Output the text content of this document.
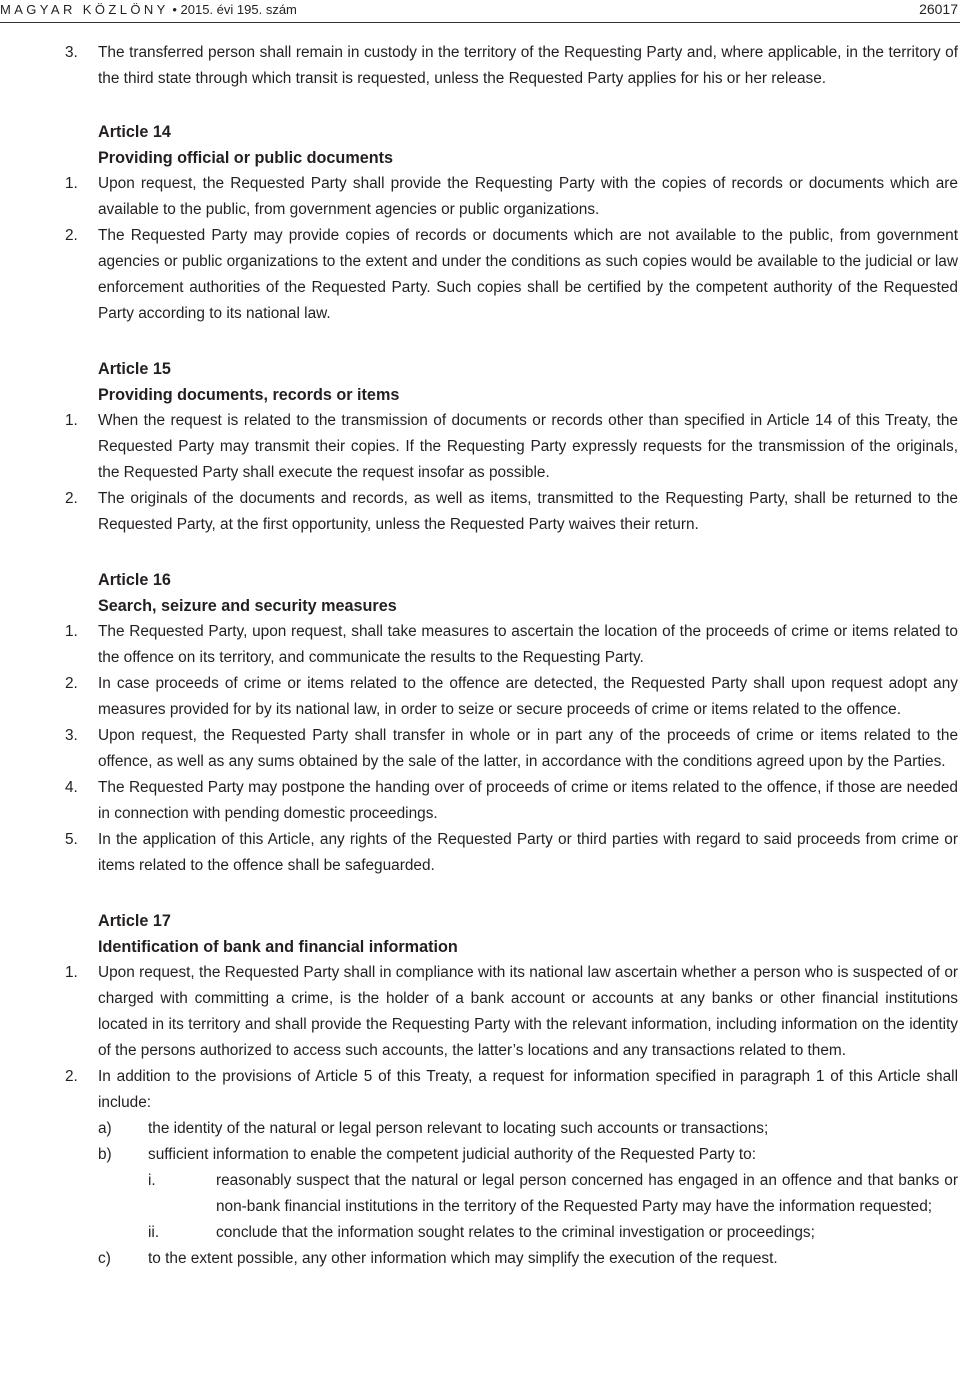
MAGYAR KÖZLÖNY • 2015. évi 195. szám	26017
3. The transferred person shall remain in custody in the territory of the Requesting Party and, where applicable, in the territory of the third state through which transit is requested, unless the Requested Party applies for his or her release.
Article 14
Providing official or public documents
1. Upon request, the Requested Party shall provide the Requesting Party with the copies of records or documents which are available to the public, from government agencies or public organizations.
2. The Requested Party may provide copies of records or documents which are not available to the public, from government agencies or public organizations to the extent and under the conditions as such copies would be available to the judicial or law enforcement authorities of the Requested Party. Such copies shall be certified by the competent authority of the Requested Party according to its national law.
Article 15
Providing documents, records or items
1. When the request is related to the transmission of documents or records other than specified in Article 14 of this Treaty, the Requested Party may transmit their copies. If the Requesting Party expressly requests for the transmission of the originals, the Requested Party shall execute the request insofar as possible.
2. The originals of the documents and records, as well as items, transmitted to the Requesting Party, shall be returned to the Requested Party, at the first opportunity, unless the Requested Party waives their return.
Article 16
Search, seizure and security measures
1. The Requested Party, upon request, shall take measures to ascertain the location of the proceeds of crime or items related to the offence on its territory, and communicate the results to the Requesting Party.
2. In case proceeds of crime or items related to the offence are detected, the Requested Party shall upon request adopt any measures provided for by its national law, in order to seize or secure proceeds of crime or items related to the offence.
3. Upon request, the Requested Party shall transfer in whole or in part any of the proceeds of crime or items related to the offence, as well as any sums obtained by the sale of the latter, in accordance with the conditions agreed upon by the Parties.
4. The Requested Party may postpone the handing over of proceeds of crime or items related to the offence, if those are needed in connection with pending domestic proceedings.
5. In the application of this Article, any rights of the Requested Party or third parties with regard to said proceeds from crime or items related to the offence shall be safeguarded.
Article 17
Identification of bank and financial information
1. Upon request, the Requested Party shall in compliance with its national law ascertain whether a person who is suspected of or charged with committing a crime, is the holder of a bank account or accounts at any banks or other financial institutions located in its territory and shall provide the Requesting Party with the relevant information, including information on the identity of the persons authorized to access such accounts, the latter’s locations and any transactions related to them.
2. In addition to the provisions of Article 5 of this Treaty, a request for information specified in paragraph 1 of this Article shall include:
a) the identity of the natural or legal person relevant to locating such accounts or transactions;
b) sufficient information to enable the competent judicial authority of the Requested Party to:
i.	reasonably suspect that the natural or legal person concerned has engaged in an offence and that banks or non-bank financial institutions in the territory of the Requested Party may have the information requested;
ii.	conclude that the information sought relates to the criminal investigation or proceedings;
c) to the extent possible, any other information which may simplify the execution of the request.
